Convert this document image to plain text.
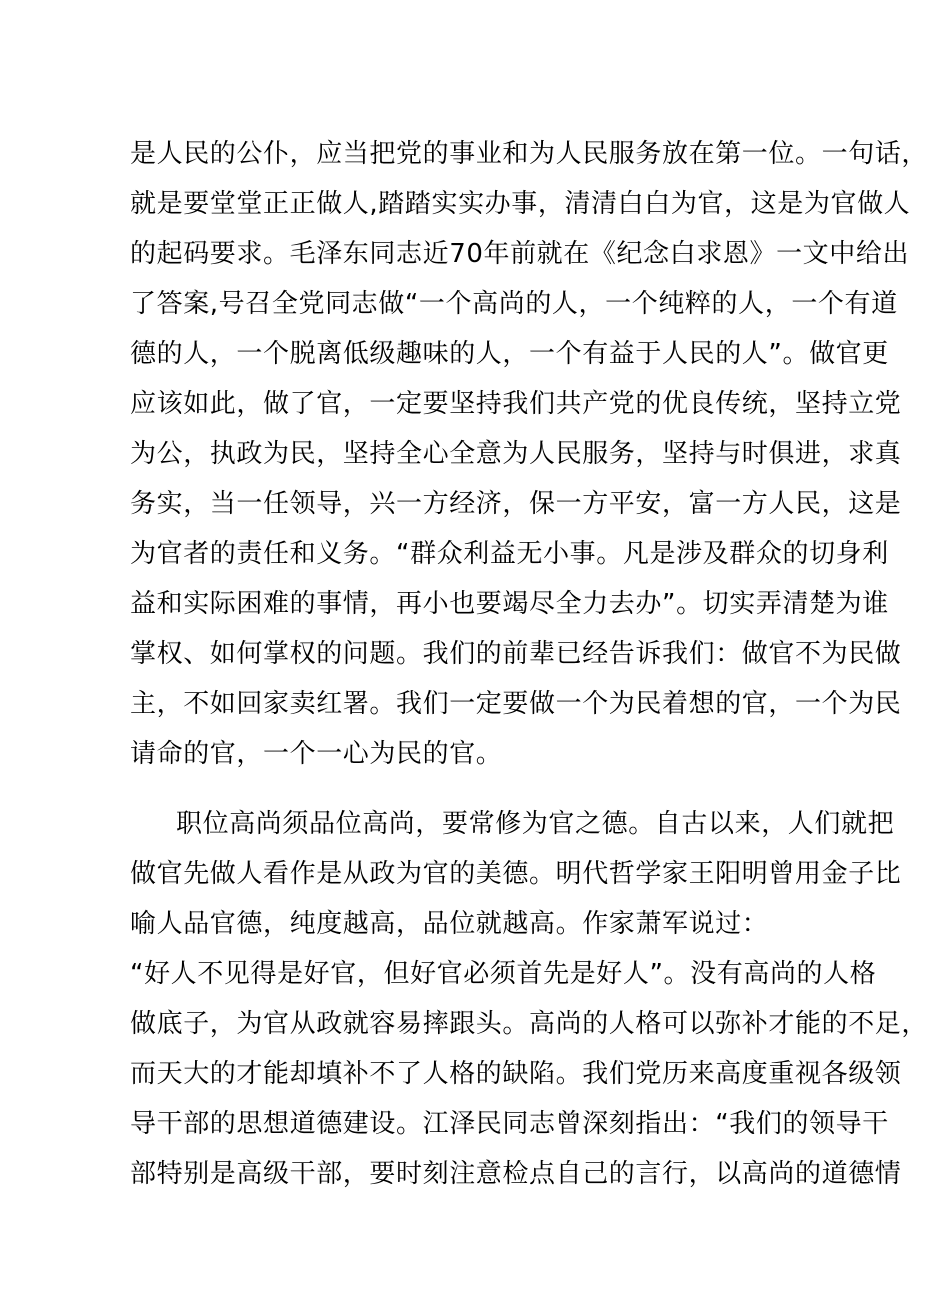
是人民的公仆，应当把党的事业和为人民服务放在第一位。一句话，
就是要堂堂正正做人,踏踏实实办事，清清白白为官，这是为官做人
的起码要求。毛泽东同志近70年前就在《纪念白求恩》一文中给出
了答案,号召全党同志做“一个高尚的人，一个纯粹的人，一个有道
德的人，一个脱离低级趣味的人，一个有益于人民的人”。做官更
应该如此，做了官，一定要坚持我们共产党的优良传统，坚持立党
为公，执政为民，坚持全心全意为人民服务，坚持与时俱进，求真
务实，当一任领导，兴一方经济，保一方平安，富一方人民，这是
为官者的责任和义务。“群众利益无小事。凡是涉及群众的切身利
益和实际困难的事情，再小也要竭尽全力去办”。切实弄清楚为谁
掌权、如何掌权的问题。我们的前辈已经告诉我们：做官不为民做
主，不如回家卖红署。我们一定要做一个为民着想的官，一个为民
请命的官，一个一心为民的官。
职位高尚须品位高尚，要常修为官之德。自古以来，人们就把
做官先做人看作是从政为官的美德。明代哲学家王阳明曾用金子比
喻人品官德，纯度越高，品位就越高。作家萧军说过：
“好人不见得是好官，但好官必须首先是好人”。没有高尚的人格
做底子，为官从政就容易摔跟头。高尚的人格可以弥补才能的不足，
而天大的才能却填补不了人格的缺陷。我们党历来高度重视各级领
导干部的思想道德建设。江泽民同志曾深刻指出：“我们的领导干
部特别是高级干部，要时刻注意检点自己的言行，以高尚的道德情
